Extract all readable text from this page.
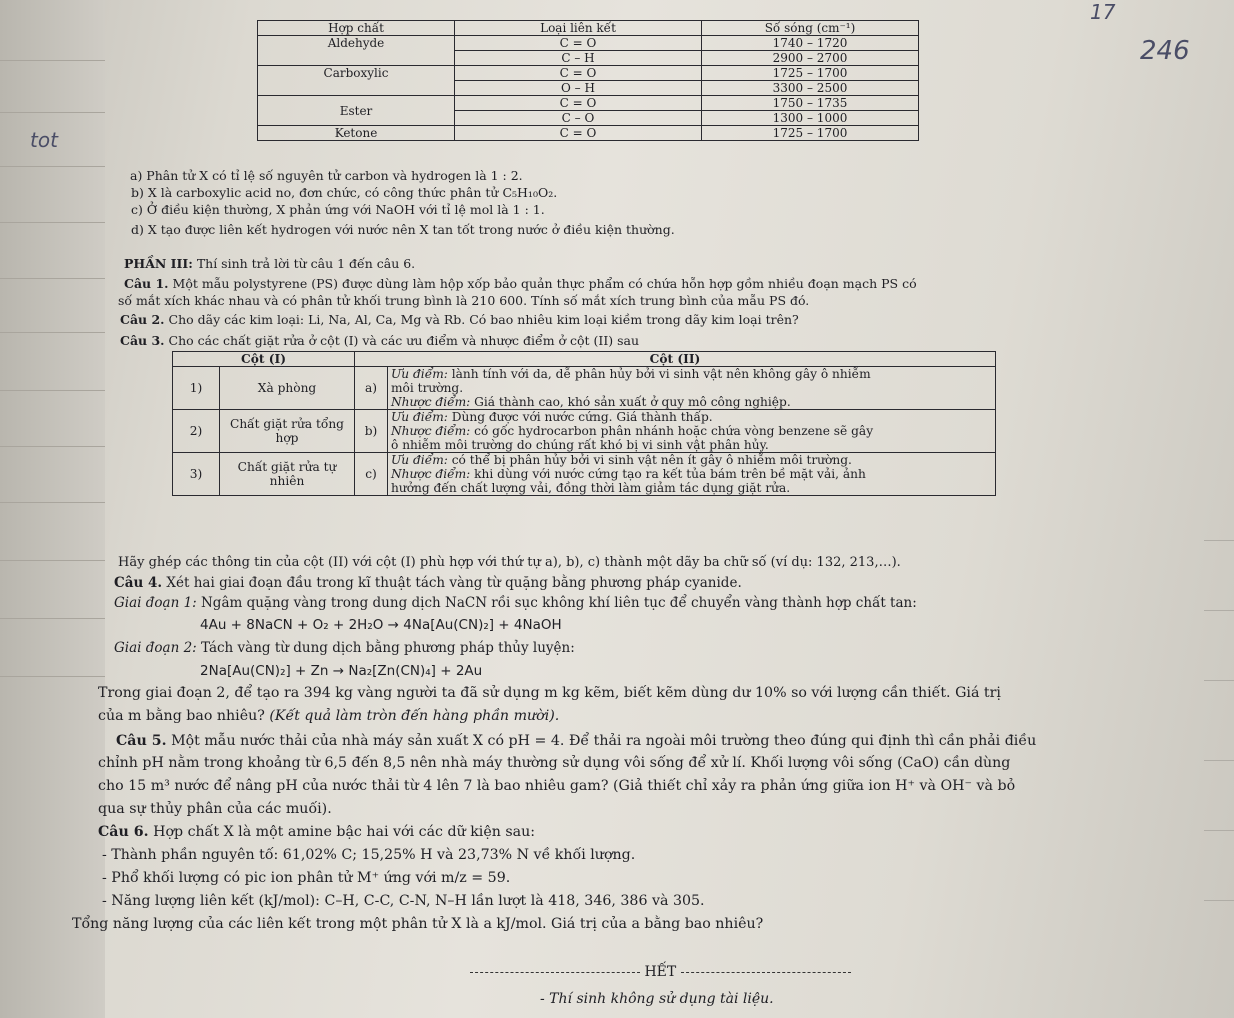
17
246
tot
Hợp chất	Loại liên kết	Số sóng (cm⁻¹)
Aldehyde	C = O	1740 – 1720
	C – H	2900 – 2700
Carboxylic	C = O	1725 – 1700
	O – H	3300 – 2500
Ester	C = O	1750 – 1735
	C – O	1300 – 1000
Ketone	C = O	1725 – 1700
a) Phân tử X có tỉ lệ số nguyên tử carbon và hydrogen là 1 : 2.
b) X là carboxylic acid no, đơn chức, có công thức phân tử C₅H₁₀O₂.
c) Ở điều kiện thường, X phản ứng với NaOH với tỉ lệ mol là 1 : 1.
d) X tạo được liên kết hydrogen với nước nên X tan tốt trong nước ở điều kiện thường.
PHẦN III: Thí sinh trả lời từ câu 1 đến câu 6.
Câu 1. Một mẫu polystyrene (PS) được dùng làm hộp xốp bảo quản thực phẩm có chứa hỗn hợp gồm nhiều đoạn mạch PS có
số mắt xích khác nhau và có phân tử khối trung bình là 210 600. Tính số mắt xích trung bình của mẫu PS đó.
Câu 2. Cho dãy các kim loại: Li, Na, Al, Ca, Mg và Rb. Có bao nhiêu kim loại kiềm trong dãy kim loại trên?
Câu 3. Cho các chất giặt rửa ở cột (I) và các ưu điểm và nhược điểm ở cột (II) sau
Cột (I)		Cột (II)	
1)	Xà phòng	a)	Ưu điểm: lành tính với da, dễ phân hủy bởi vi sinh vật nên không gây ô nhiễm
môi trường.
Nhược điểm: Giá thành cao, khó sản xuất ở quy mô công nghiệp.

2)	Chất giặt rửa tổng hợp	b)	Ưu điểm: Dùng được với nước cứng. Giá thành thấp.
Nhược điểm: có gốc hydrocarbon phân nhánh hoặc chứa vòng benzene sẽ gây
ô nhiễm môi trường do chúng rất khó bị vi sinh vật phân hủy.

3)	Chất giặt rửa tự nhiên	c)	Ưu điểm: có thể bị phân hủy bởi vi sinh vật nên ít gây ô nhiễm môi trường.
Nhược điểm: khi dùng với nước cứng tạo ra kết tủa bám trên bề mặt vải, ảnh
hưởng đến chất lượng vải, đồng thời làm giảm tác dụng giặt rửa.
Hãy ghép các thông tin của cột (II) với cột (I) phù hợp với thứ tự a), b), c) thành một dãy ba chữ số (ví dụ: 132, 213,…).
Câu 4. Xét hai giai đoạn đầu trong kĩ thuật tách vàng từ quặng bằng phương pháp cyanide.
Giai đoạn 1: Ngâm quặng vàng trong dung dịch NaCN rồi sục không khí liên tục để chuyển vàng thành hợp chất tan:
4Au + 8NaCN + O₂ + 2H₂O → 4Na[Au(CN)₂] + 4NaOH
Giai đoạn 2: Tách vàng từ dung dịch bằng phương pháp thủy luyện:
2Na[Au(CN)₂] + Zn → Na₂[Zn(CN)₄] + 2Au
Trong giai đoạn 2, để tạo ra 394 kg vàng người ta đã sử dụng m kg kẽm, biết kẽm dùng dư 10% so với lượng cần thiết. Giá trị
của m bằng bao nhiêu? (Kết quả làm tròn đến hàng phần mười).
Câu 5. Một mẫu nước thải của nhà máy sản xuất X có pH = 4. Để thải ra ngoài môi trường theo đúng qui định thì cần phải điều
chỉnh pH nằm trong khoảng từ 6,5 đến 8,5 nên nhà máy thường sử dụng vôi sống để xử lí. Khối lượng vôi sống (CaO) cần dùng
cho 15 m³ nước để nâng pH của nước thải từ 4 lên 7 là bao nhiêu gam? (Giả thiết chỉ xảy ra phản ứng giữa ion H⁺ và OH⁻ và bỏ
qua sự thủy phân của các muối).
Câu 6. Hợp chất X là một amine bậc hai với các dữ kiện sau:
- Thành phần nguyên tố: 61,02% C; 15,25% H và 23,73% N về khối lượng.
- Phổ khối lượng có pic ion phân tử M⁺ ứng với m/z = 59.
- Năng lượng liên kết (kJ/mol): C–H, C-C, C-N, N–H lần lượt là 418, 346, 386 và 305.
Tổng năng lượng của các liên kết trong một phân tử X là a kJ/mol. Giá trị của a bằng bao nhiêu?
HẾT
- Thí sinh không sử dụng tài liệu.
